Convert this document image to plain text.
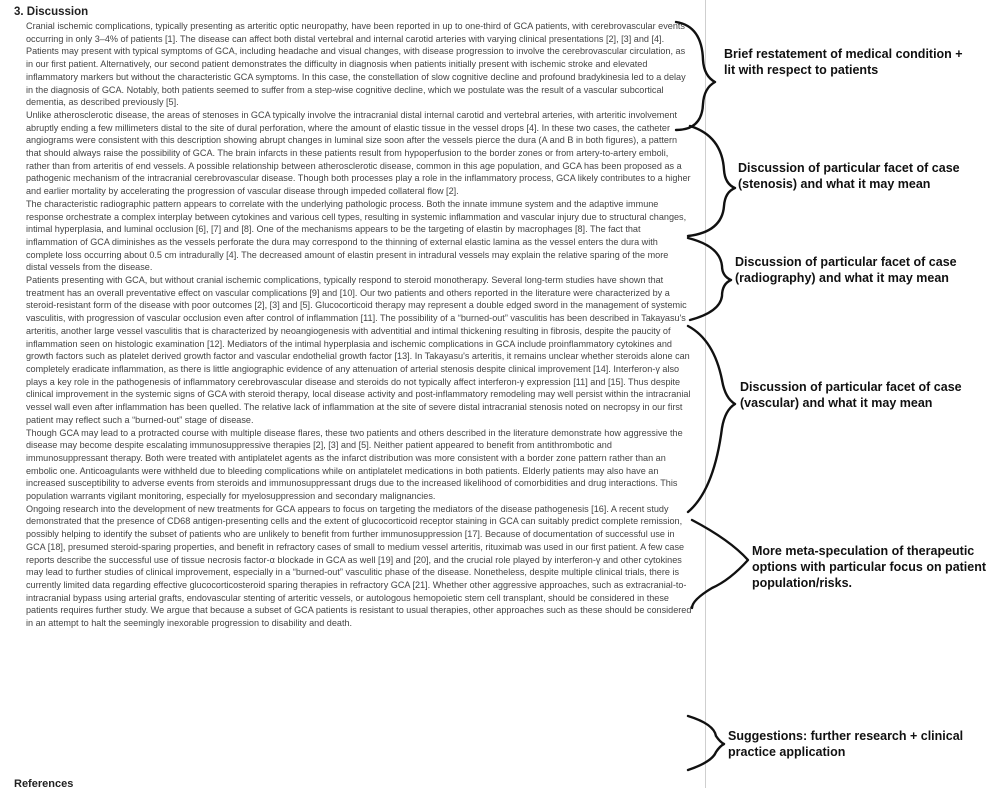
3. Discussion

Cranial ischemic complications, typically presenting as arteritic optic neuropathy, have been reported in up to one-third of GCA patients, with cerebrovascular events occurring in only 3–4% of patients [1]. The disease can affect both distal vertebral and internal carotid arteries with varying clinical presentations [2], [3] and [4]. Patients may present with typical symptoms of GCA, including headache and visual changes, with disease progression to involve the cerebrovascular circulation, as in our first patient. Alternatively, our second patient demonstrates the difficulty in diagnosis when patients initially present with ischemic stroke and elevated inflammatory markers but without the characteristic GCA symptoms. In this case, the constellation of slow cognitive decline and profound bradykinesia led to a delay in the diagnosis of GCA. Notably, both patients seemed to suffer from a step-wise cognitive decline, which we postulate was the result of a vascular subcortical dementia, as described previously [5].

Unlike atherosclerotic disease, the areas of stenoses in GCA typically involve the intracranial distal internal carotid and vertebral arteries, with arteritic involvement abruptly ending a few millimeters distal to the site of dural perforation, where the amount of elastic tissue in the vessel drops [4]. In these two cases, the catheter angiograms were consistent with this description showing abrupt changes in luminal size soon after the vessels pierce the dura (A and B in both figures), a pattern that should always raise the possibility of GCA. The brain infarcts in these patients result from hypoperfusion to the border zones or from artery-to-artery emboli, rather than from arteritis of end vessels. A possible relationship between atherosclerotic disease, common in this age population, and GCA has been proposed as a pathogenic mechanism of the intracranial cerebrovascular disease. Though both processes play a role in the inflammatory process, GCA likely contributes to a higher and earlier mortality by accelerating the progression of vascular disease through impeded collateral flow [2].

The characteristic radiographic pattern appears to correlate with the underlying pathologic process. Both the innate immune system and the adaptive immune response orchestrate a complex interplay between cytokines and various cell types, resulting in systemic inflammation and vascular injury due to structural changes, intimal hyperplasia, and luminal occlusion [6], [7] and [8]. One of the mechanisms appears to be the targeting of elastin by macrophages [8]. The fact that inflammation of GCA diminishes as the vessels perforate the dura may correspond to the thinning of external elastic lamina as the vessel enters the dura with complete loss occurring about 0.5 cm intradurally [4]. The decreased amount of elastin present in intradural vessels may explain the relative sparing of the more distal vessels from the disease.

Patients presenting with GCA, but without cranial ischemic complications, typically respond to steroid monotherapy. Several long-term studies have shown that treatment has an overall preventative effect on vascular complications [9] and [10]. Our two patients and others reported in the literature were characterized by a steroid-resistant form of the disease with poor outcomes [2], [3] and [5]. Glucocorticoid therapy may represent a double edged sword in the management of systemic vasculitis, with progression of vascular occlusion even after control of inflammation [11]. The possibility of a “burned-out” vasculitis has been described in Takayasu's arteritis, another large vessel vasculitis that is characterized by neoangiogenesis with adventitial and intimal thickening resulting in fibrosis, despite the paucity of inflammation seen on histologic examination [12]. Mediators of the intimal hyperplasia and ischemic complications in GCA include proinflammatory cytokines and growth factors such as platelet derived growth factor and vascular endothelial growth factor [13]. In Takayasu's arteritis, it remains unclear whether steroids alone can completely eradicate inflammation, as there is little angiographic evidence of any attenuation of arterial stenosis despite clinical improvement [14]. Interferon-γ also plays a key role in the pathogenesis of inflammatory cerebrovascular disease and steroids do not typically affect interferon-γ expression [11] and [15]. Thus despite clinical improvement in the systemic signs of GCA with steroid therapy, local disease activity and post-inflammatory remodeling may well persist within the intracranial vessel wall even after inflammation has been quelled. The relative lack of inflammation at the site of severe distal intracranial stenosis noted on necropsy in our first patient may reflect such a “burned-out” stage of disease.

Though GCA may lead to a protracted course with multiple disease flares, these two patients and others described in the literature demonstrate how aggressive the disease may become despite escalating immunosuppressive therapies [2], [3] and [5]. Neither patient appeared to benefit from antithrombotic and immunosuppressant therapy. Both were treated with antiplatelet agents as the infarct distribution was more consistent with a border zone pattern rather than an embolic one. Anticoagulants were withheld due to bleeding complications while on antiplatelet medications in both patients. Elderly patients may also have an increased susceptibility to adverse events from steroids and immunosuppressant drugs due to the increased likelihood of comorbidities and drug interactions. This population warrants vigilant monitoring, especially for myelosuppression and secondary malignancies.

Ongoing research into the development of new treatments for GCA appears to focus on targeting the mediators of the disease pathogenesis [16]. A recent study demonstrated that the presence of CD68 antigen-presenting cells and the extent of glucocorticoid receptor staining in GCA can suitably predict complete remission, possibly helping to identify the subset of patients who are unlikely to benefit from further immunosuppression [17]. Because of documentation of successful use in GCA [18], presumed steroid-sparing properties, and benefit in refractory cases of small to medium vessel arteritis, rituximab was used in our first patient. A few case reports describe the successful use of tissue necrosis factor-α blockade in GCA as well [19] and [20], and the crucial role played by interferon-γ and other cytokines may lead to further studies of clinical improvement, especially in a “burned-out” vasculitic phase of the disease. Nonetheless, despite multiple clinical trials, there is currently limited data regarding effective glucocorticosteroid sparing therapies in refractory GCA [21]. Whether other aggressive approaches, such as extracranial-to-intracranial bypass using arterial grafts, endovascular stenting of arteritic vessels, or autologous hemopoietic stem cell transplant, should be considered in these patients requires further study. We argue that because a subset of GCA patients is resistant to usual therapies, other approaches such as these should be considered in an attempt to halt the seemingly inexorable progression to disability and death.

References
Brief restatement of medical condition + lit with respect to patients
Discussion of particular facet of case (stenosis) and what it may mean
Discussion of particular facet of case (radiography) and what it may mean
Discussion of particular facet of case (vascular) and what it may mean
More meta-speculation of therapeutic options with particular focus on patient population/risks.
Suggestions: further research + clinical practice application
